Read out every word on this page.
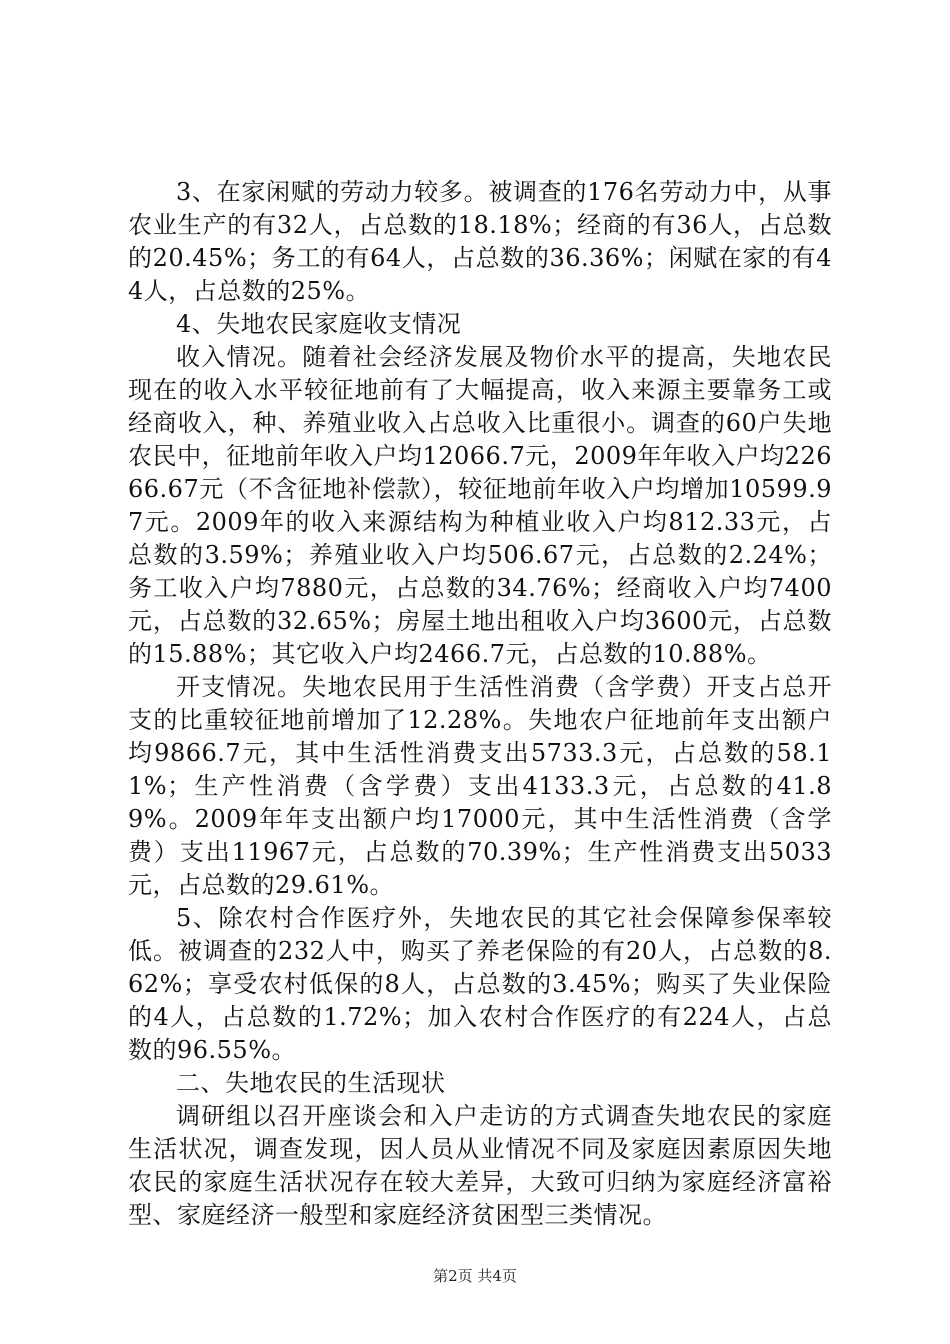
3、在家闲赋的劳动力较多。被调查的176名劳动力中，从事农业生产的有32人，占总数的18.18%；经商的有36人，占总数的20.45%；务工的有64人，占总数的36.36%；闲赋在家的有44人，占总数的25%。

4、失地农民家庭收支情况

收入情况。随着社会经济发展及物价水平的提高，失地农民现在的收入水平较征地前有了大幅提高，收入来源主要靠务工或经商收入，种、养殖业收入占总收入比重很小。调查的60户失地农民中，征地前年收入户均12066.7元，2009年年收入户均22666.67元（不含征地补偿款），较征地前年收入户均增加10599.97元。2009年的收入来源结构为种植业收入户均812.33元，占总数的3.59%；养殖业收入户均506.67元，占总数的2.24%；务工收入户均7880元，占总数的34.76%；经商收入户均7400元，占总数的32.65%；房屋土地出租收入户均3600元，占总数的15.88%；其它收入户均2466.7元，占总数的10.88%。

开支情况。失地农民用于生活性消费（含学费）开支占总开支的比重较征地前增加了12.28%。失地农户征地前年支出额户均9866.7元，其中生活性消费支出5733.3元，占总数的58.11%；生产性消费（含学费）支出4133.3元，占总数的41.89%。2009年年支出额户均17000元，其中生活性消费（含学费）支出11967元，占总数的70.39%；生产性消费支出5033元，占总数的29.61%。

5、除农村合作医疗外，失地农民的其它社会保障参保率较低。被调查的232人中，购买了养老保险的有20人，占总数的8.62%；享受农村低保的8人，占总数的3.45%；购买了失业保险的4人，占总数的1.72%；加入农村合作医疗的有224人，占总数的96.55%。

二、失地农民的生活现状

调研组以召开座谈会和入户走访的方式调查失地农民的家庭生活状况，调查发现，因人员从业情况不同及家庭因素原因失地农民的家庭生活状况存在较大差异，大致可归纳为家庭经济富裕型、家庭经济一般型和家庭经济贫困型三类情况。

第2页 共4页
